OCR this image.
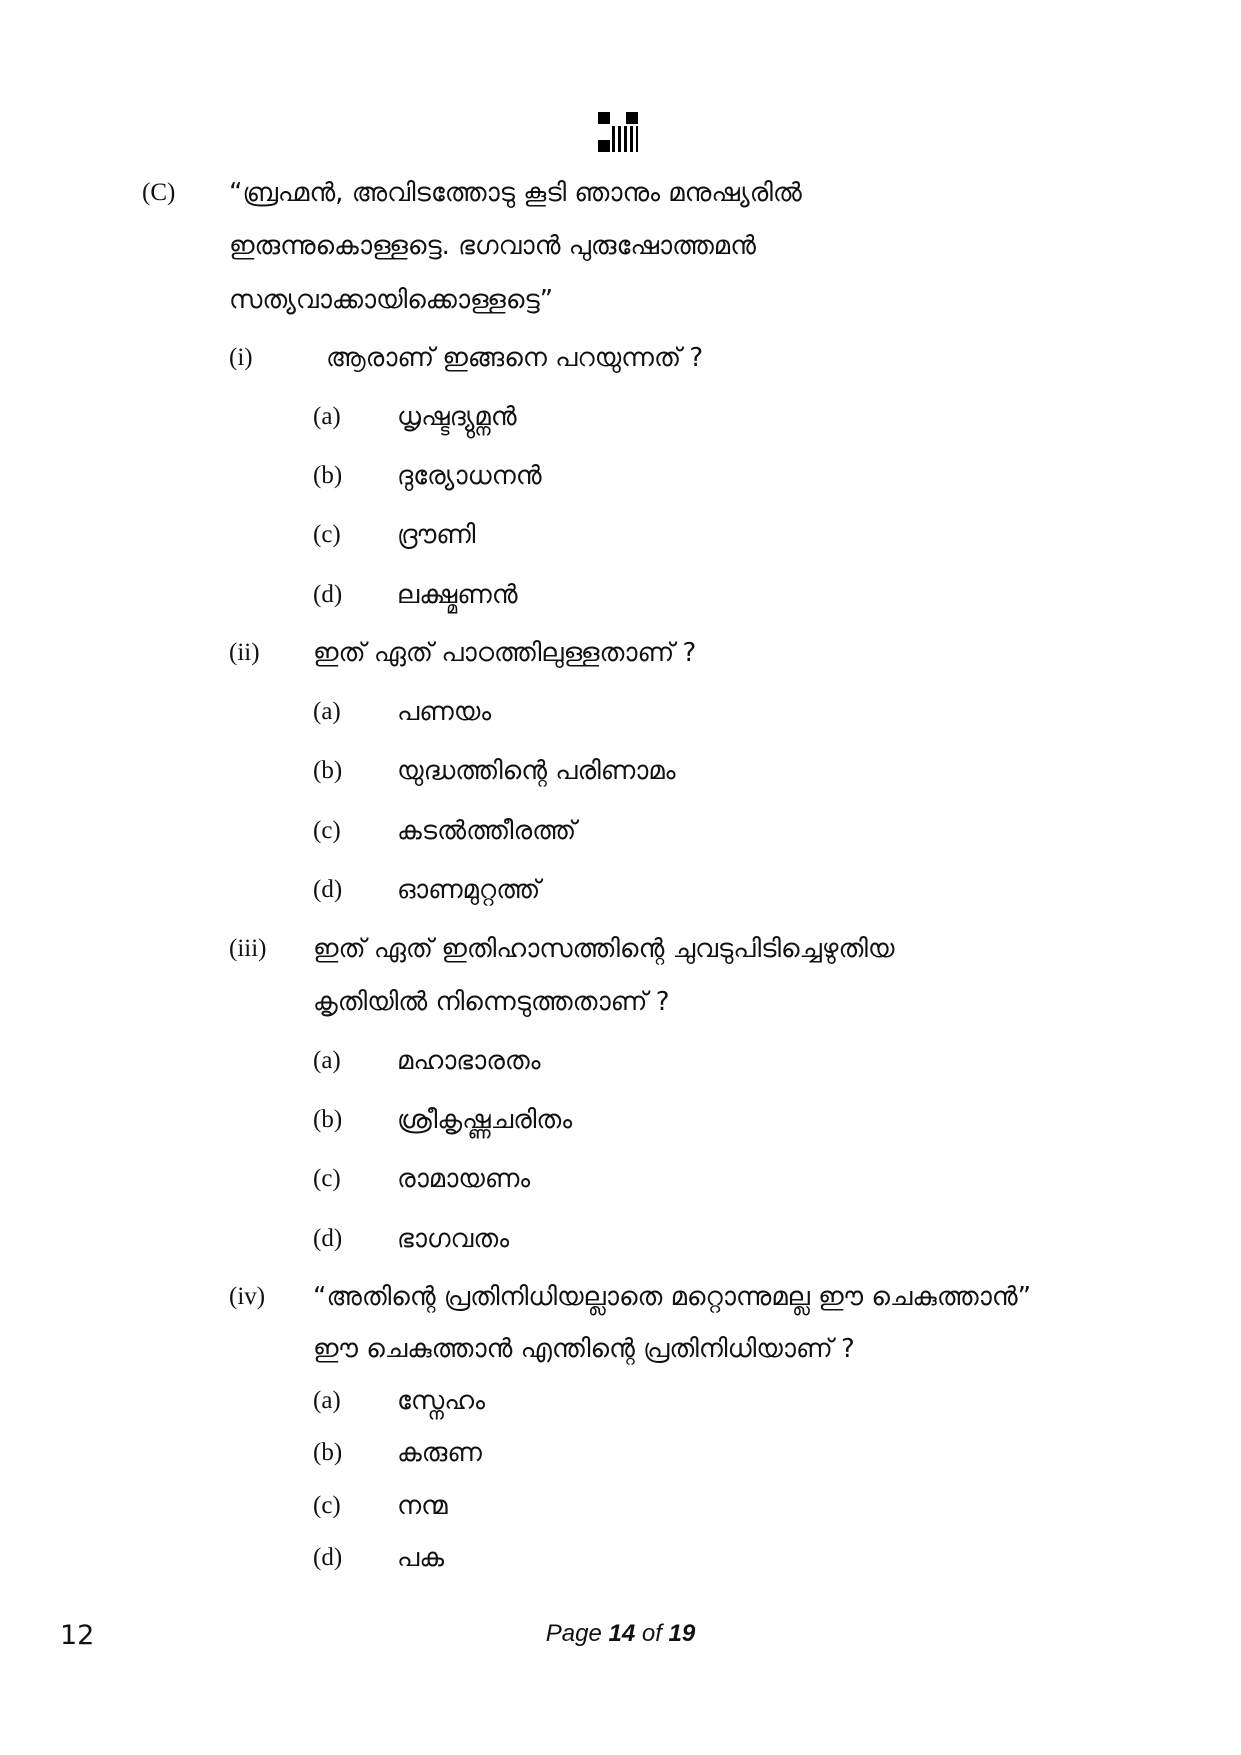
(C) “ബ്രഹ്മൻ, അവിടത്തോടു കൂടി ഞാനും മനുഷ്യരിൽ
ഇരുന്നുകൊള്ളട്ടെ. ഭഗവാൻ പുരുഷോത്തമൻ
സത്യവാക്കായിക്കൊള്ളട്ടെ”
(i)	ആരാണ് ഇങ്ങനെ പറയുന്നത് ?
(a) ധൃഷ്ടദ്യുമ്നൻ
(b) ദുര്യോധനൻ
(c) ദ്രൗണി
(d) ലക്ഷ്മണൻ
(ii) ഇത് ഏത് പാഠത്തിലുള്ളതാണ് ?
(a) പണയം
(b) യുദ്ധത്തിന്റെ പരിണാമം
(c) കടൽത്തീരത്ത്
(d) ഓണമുറ്റത്ത്
(iii) ഇത് ഏത് ഇതിഹാസത്തിന്റെ ചുവടുപിടിച്ചെഴുതിയ
കൃതിയിൽ നിന്നെടുത്തതാണ് ?
(a) മഹാഭാരതം
(b) ശ്രീകൃഷ്ണചരിതം
(c) രാമായണം
(d) ഭാഗവതം
(iv) “അതിന്റെ പ്രതിനിധിയല്ലാതെ മറ്റൊന്നുമല്ല ഈ ചെകുത്താൻ”
ഈ ചെകുത്താൻ എന്തിന്റെ പ്രതിനിധിയാണ് ?
(a) സ്നേഹം
(b) കരുണ
(c) നന്മ
(d) പക
12	Page 14 of 19
